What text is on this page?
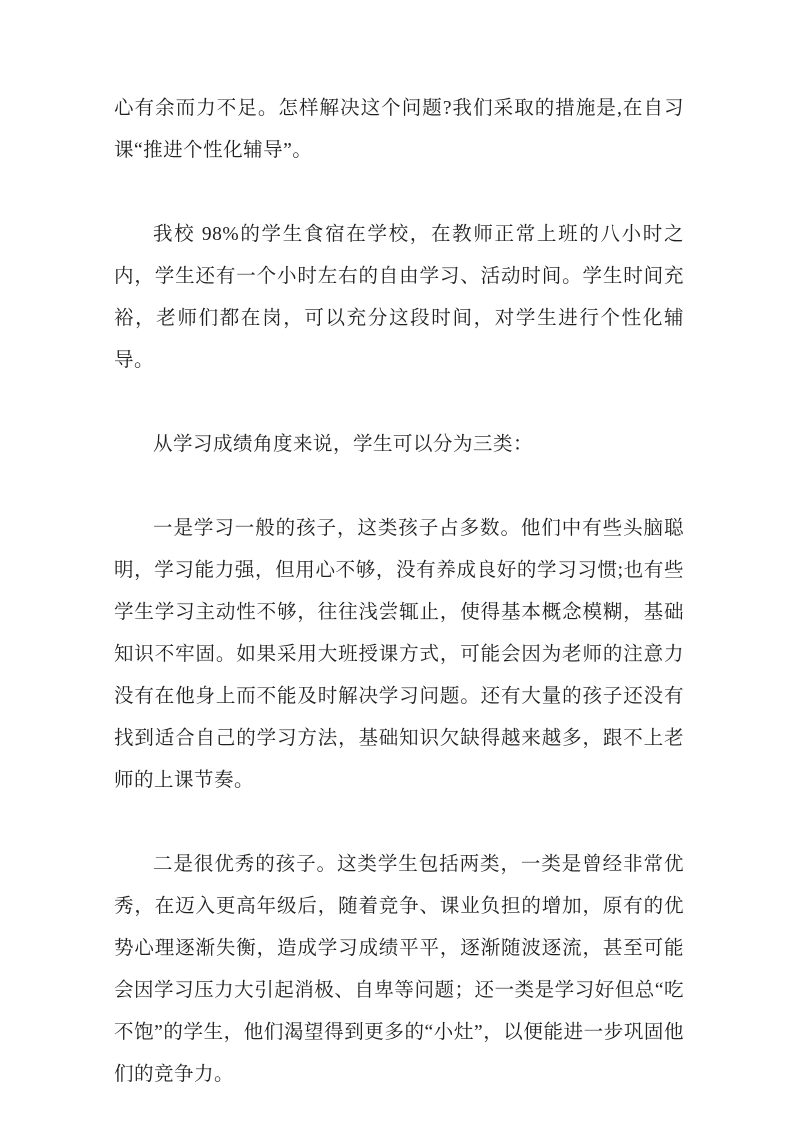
心有余而力不足。怎样解决这个问题?我们采取的措施是,在自习课“推进个性化辅导”。

我校 98%的学生食宿在学校，在教师正常上班的八小时之内，学生还有一个小时左右的自由学习、活动时间。学生时间充裕，老师们都在岗，可以充分这段时间，对学生进行个性化辅导。

从学习成绩角度来说，学生可以分为三类：

一是学习一般的孩子，这类孩子占多数。他们中有些头脑聪明，学习能力强，但用心不够，没有养成良好的学习习惯;也有些学生学习主动性不够，往往浅尝辄止，使得基本概念模糊，基础知识不牢固。如果采用大班授课方式，可能会因为老师的注意力没有在他身上而不能及时解决学习问题。还有大量的孩子还没有找到适合自己的学习方法，基础知识欠缺得越来越多，跟不上老师的上课节奏。

二是很优秀的孩子。这类学生包括两类，一类是曾经非常优秀，在迈入更高年级后，随着竞争、课业负担的增加，原有的优势心理逐渐失衡，造成学习成绩平平，逐渐随波逐流，甚至可能会因学习压力大引起消极、自卑等问题；还一类是学习好但总“吃不饱”的学生，他们渴望得到更多的“小灶”，以便能进一步巩固他们的竞争力。
